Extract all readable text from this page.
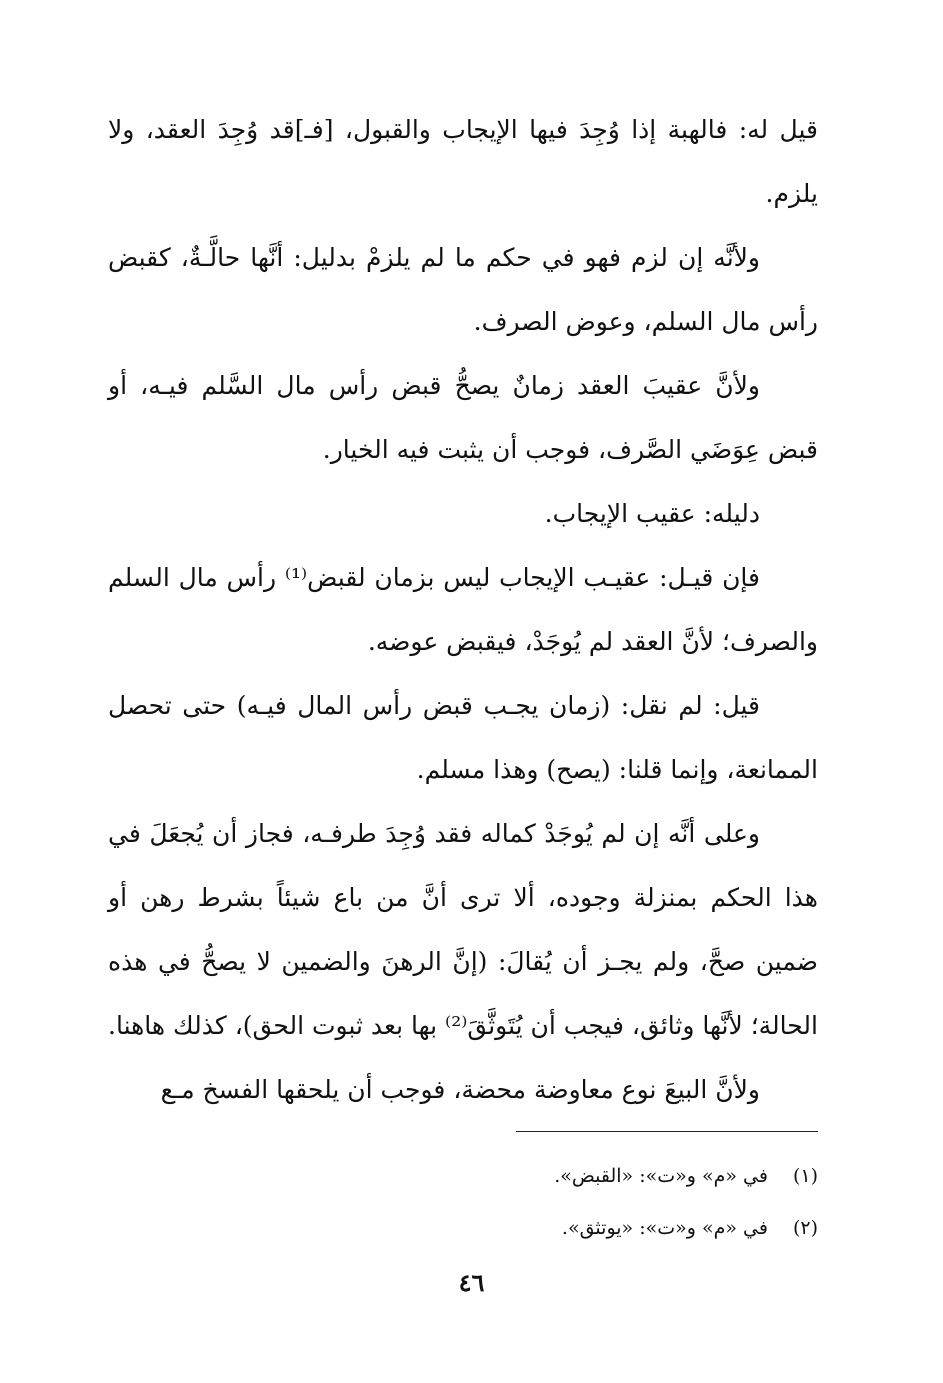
قيل له: فالهبة إذا وُجِدَ فيها الإيجاب والقبول، [فـ]قد وُجِدَ العقد، ولا يلزم.

ولأنَّه إن لزم فهو في حكم ما لم يلزمْ بدليل: أنَّها حالَّـةٌ، كقبض رأس مال السلم، وعوض الصرف.

ولأنَّ عقيبَ العقد زمانٌ يصحُّ قبض رأس مال السَّلم فيـه، أو قبض عِوَضَي الصَّرف، فوجب أن يثبت فيه الخيار.

دليله: عقيب الإيجاب.

فإن قيـل: عقيـب الإيجاب ليس بزمان لقبض⁽¹⁾ رأس مال السلم والصرف؛ لأنَّ العقد لم يُوجَدْ، فيقبض عوضه.

قيل: لم نقل: (زمان يجـب قبض رأس المال فيـه) حتى تحصل الممانعة، وإنما قلنا: (يصح) وهذا مسلم.

وعلى أنَّه إن لم يُوجَدْ كماله فقد وُجِدَ طرفـه، فجاز أن يُجعَلَ في هذا الحكم بمنزلة وجوده، ألا ترى أنَّ من باع شيئاً بشرط رهن أو ضمين صحَّ، ولم يجـز أن يُقالَ: (إنَّ الرهنَ والضمين لا يصحُّ في هذه الحالة؛ لأنَّها وثائق، فيجب أن يُتَوثَّقَ⁽²⁾ بها بعد ثبوت الحق)، كذلك هاهنا.

ولأنَّ البيعَ نوع معاوضة محضة، فوجب أن يلحقها الفسخ مـع

(١) في «م» و«ت»: «القبض».

(٢) في «م» و«ت»: «يوتثق».

٤٦
